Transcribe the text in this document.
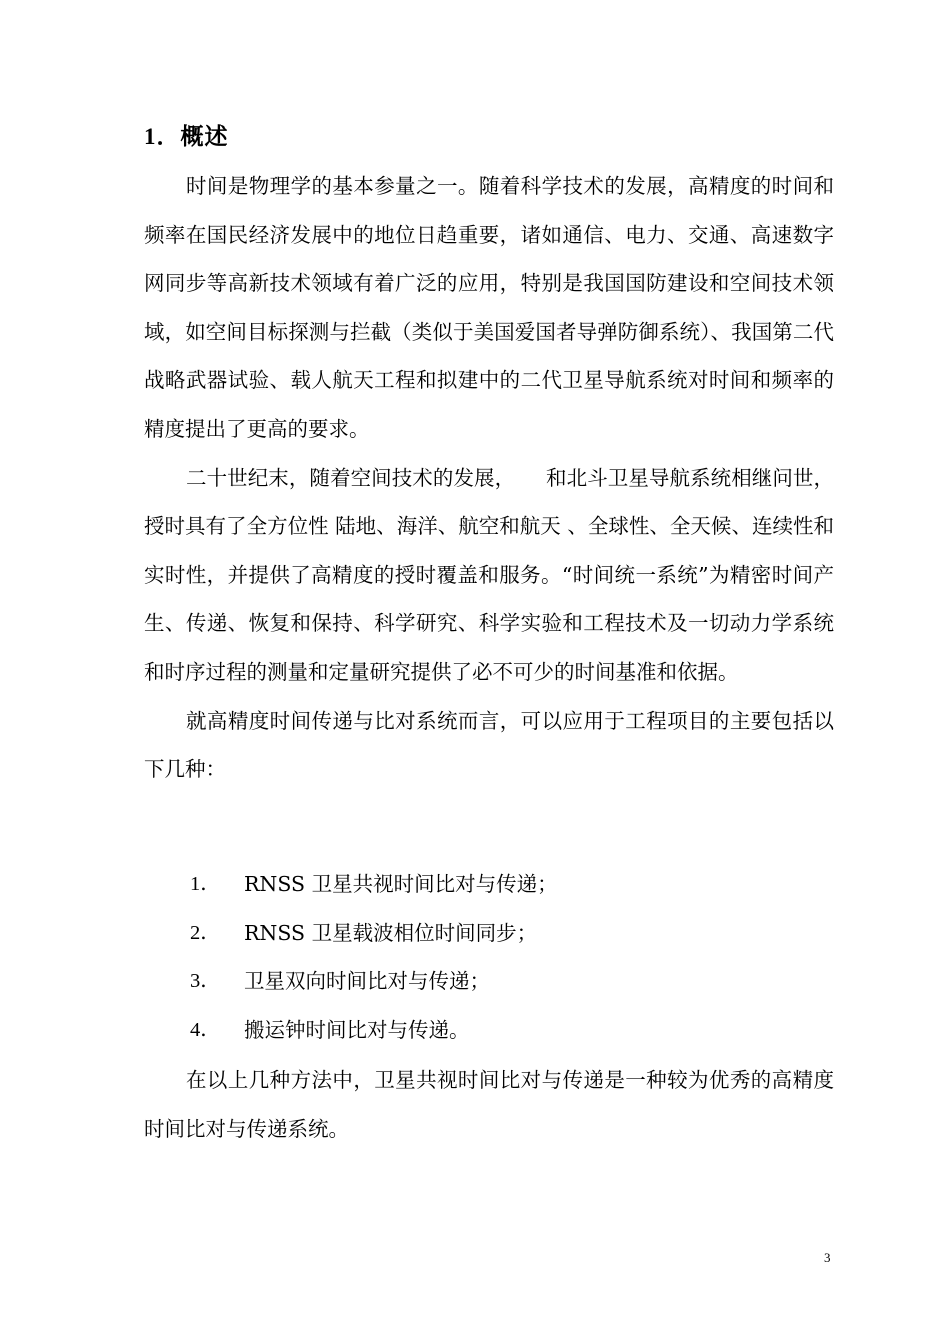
1．概述

时间是物理学的基本参量之一。随着科学技术的发展，高精度的时间和频率在国民经济发展中的地位日趋重要，诸如通信、电力、交通、高速数字网同步等高新技术领域有着广泛的应用，特别是我国国防建设和空间技术领域，如空间目标探测与拦截（类似于美国爱国者导弹防御系统）、我国第二代战略武器试验、载人航天工程和拟建中的二代卫星导航系统对时间和频率的精度提出了更高的要求。

二十世纪末，随着空间技术的发展，　　和北斗卫星导航系统相继问世，授时具有了全方位性 陆地、海洋、航空和航天 、全球性、全天候、连续性和实时性，并提供了高精度的授时覆盖和服务。“时间统一系统”为精密时间产生、传递、恢复和保持、科学研究、科学实验和工程技术及一切动力学系统和时序过程的测量和定量研究提供了必不可少的时间基准和依据。

就高精度时间传递与比对系统而言，可以应用于工程项目的主要包括以下几种：

1．	RNSS 卫星共视时间比对与传递；
2．	RNSS 卫星载波相位时间同步；
3．	卫星双向时间比对与传递；
4．	搬运钟时间比对与传递。

在以上几种方法中，卫星共视时间比对与传递是一种较为优秀的高精度时间比对与传递系统。

3
